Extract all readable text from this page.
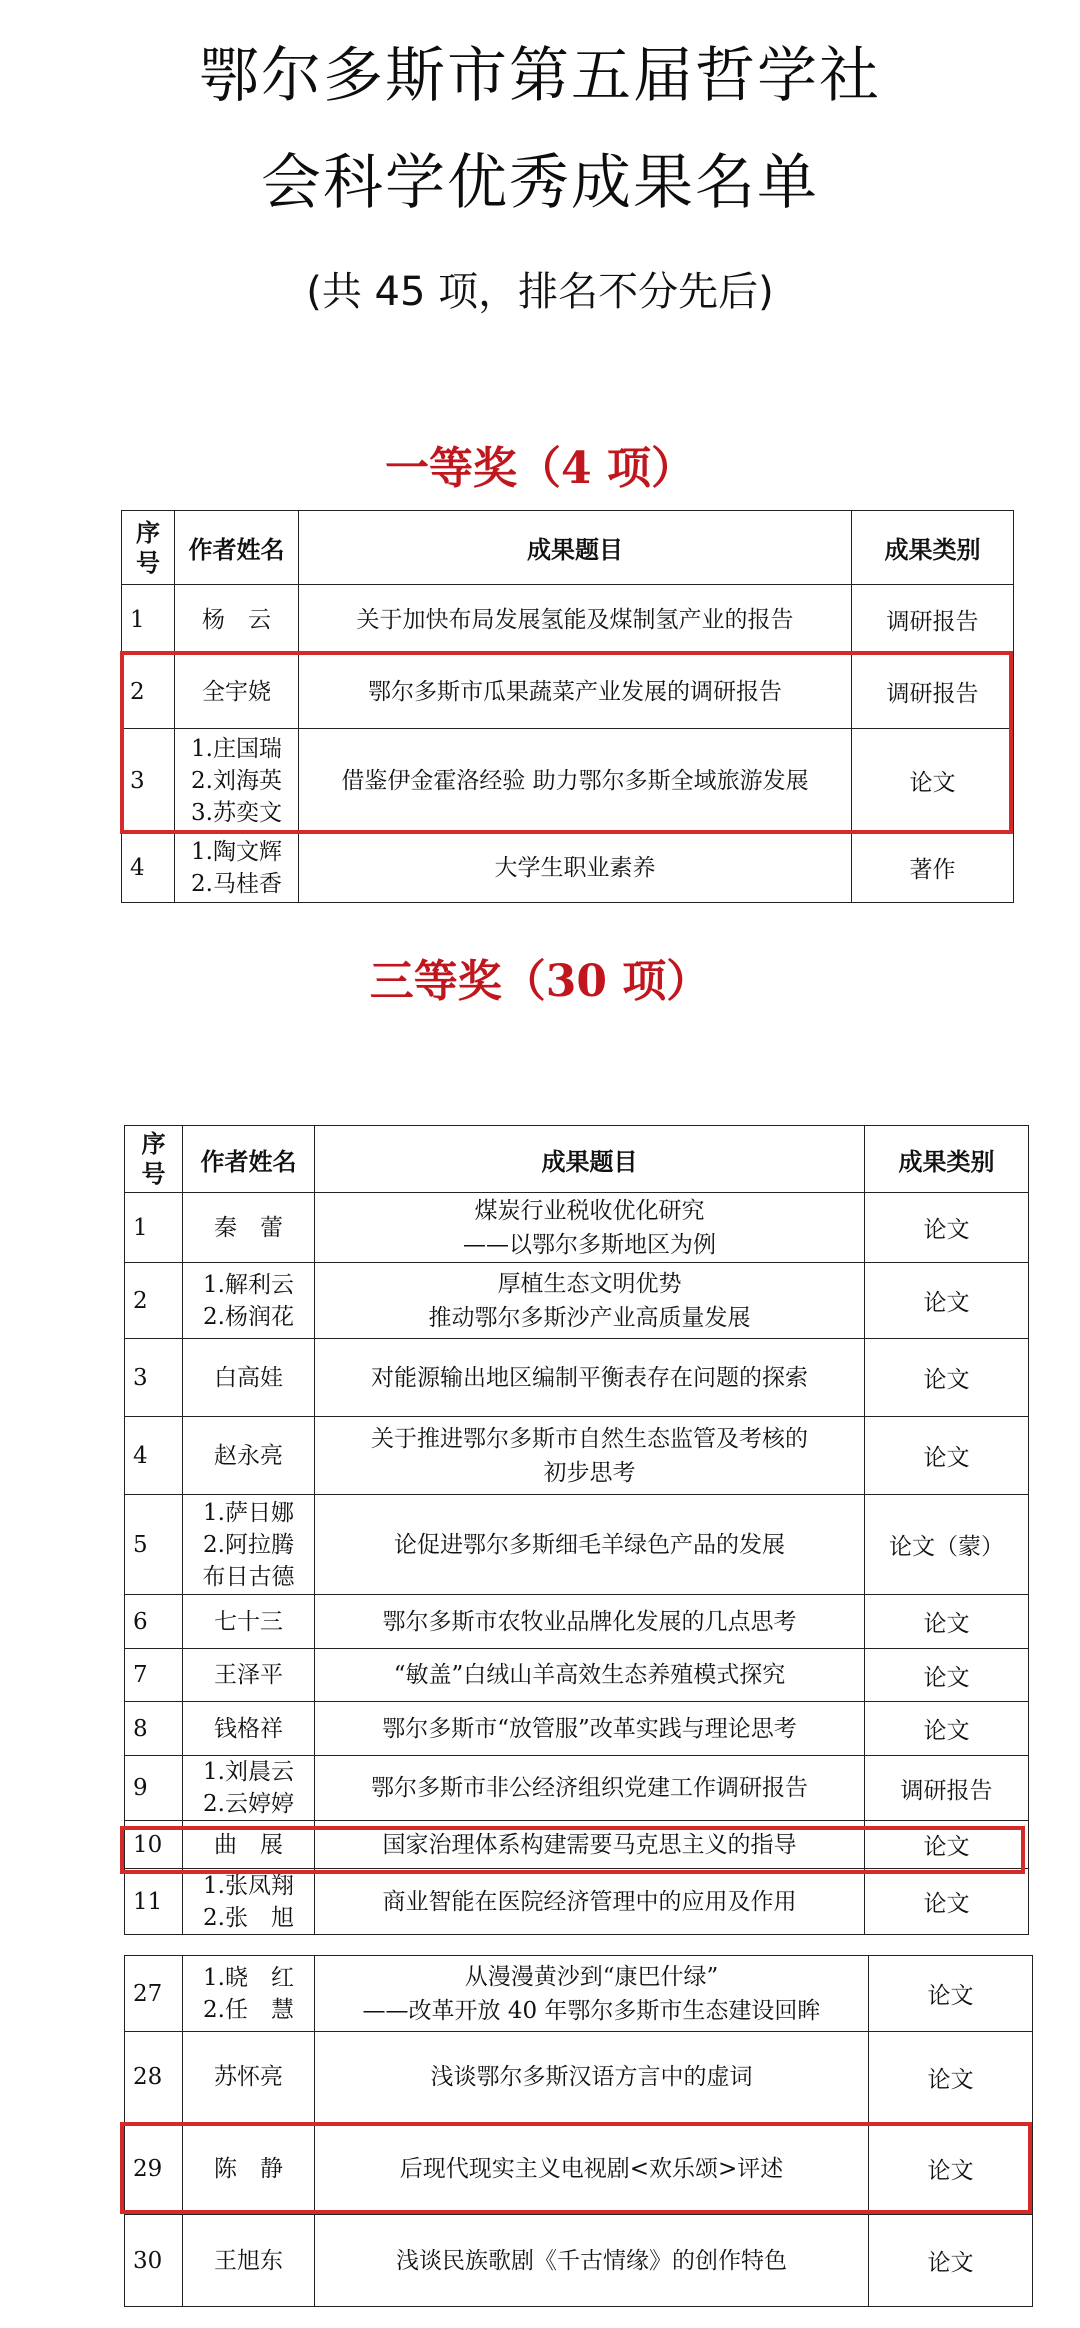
鄂尔多斯市第五届哲学社
会科学优秀成果名单
(共 45 项，排名不分先后)
一等奖（4 项）
序
号	作者姓名	成果题目	成果类别
1	杨　云	关于加快布局发展氢能及煤制氢产业的报告	调研报告
2	全宇娆	鄂尔多斯市瓜果蔬菜产业发展的调研报告	调研报告
3	1.庄国瑞
2.刘海英
3.苏奕文	借鉴伊金霍洛经验 助力鄂尔多斯全域旅游发展	论文
4	1.陶文辉
2.马桂香	大学生职业素养	著作
三等奖（30 项）
序
号	作者姓名	成果题目	成果类别
1	秦　蕾	煤炭行业税收优化研究
——以鄂尔多斯地区为例	论文
2	1.解利云
2.杨润花	厚植生态文明优势
推动鄂尔多斯沙产业高质量发展	论文
3	白高娃	对能源输出地区编制平衡表存在问题的探索	论文
4	赵永亮	关于推进鄂尔多斯市自然生态监管及考核的
初步思考	论文
5	1.萨日娜
2.阿拉腾
布日古德	论促进鄂尔多斯细毛羊绿色产品的发展	论文（蒙）
6	七十三	鄂尔多斯市农牧业品牌化发展的几点思考	论文
7	王泽平	“敏盖”白绒山羊高效生态养殖模式探究	论文
8	钱格祥	鄂尔多斯市“放管服”改革实践与理论思考	论文
9	1.刘晨云
2.云婷婷	鄂尔多斯市非公经济组织党建工作调研报告	调研报告
10	曲　展	国家治理体系构建需要马克思主义的指导	论文
11	1.张凤翔
2.张　旭	商业智能在医院经济管理中的应用及作用	论文
27	1.晓　红
2.任　慧	从漫漫黄沙到“康巴什绿”
——改革开放 40 年鄂尔多斯市生态建设回眸	论文
28	苏怀亮	浅谈鄂尔多斯汉语方言中的虚词	论文
29	陈　静	后现代现实主义电视剧<欢乐颂>评述	论文
30	王旭东	浅谈民族歌剧《千古情缘》的创作特色	论文
